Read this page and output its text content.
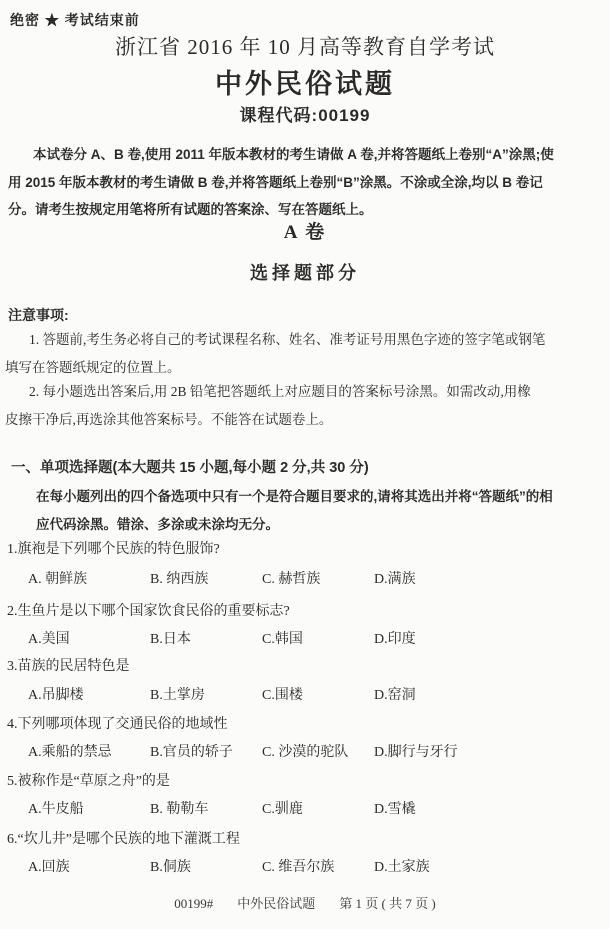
绝密 ★ 考试结束前
浙江省 2016 年 10 月高等教育自学考试
中外民俗试题
课程代码:00199
本试卷分 A、B 卷,使用 2011 年版本教材的考生请做 A 卷,并将答题纸上卷别“A”涂黑;使
用 2015 年版本教材的考生请做 B 卷,并将答题纸上卷别“B”涂黑。不涂或全涂,均以 B 卷记
分。请考生按规定用笔将所有试题的答案涂、写在答题纸上。
A 卷
选择题部分
注意事项:
1. 答题前,考生务必将自己的考试课程名称、姓名、准考证号用黑色字迹的签字笔或钢笔
填写在答题纸规定的位置上。
2. 每小题选出答案后,用 2B 铅笔把答题纸上对应题目的答案标号涂黑。如需改动,用橡
皮擦干净后,再选涂其他答案标号。不能答在试题卷上。
一、单项选择题(本大题共 15 小题,每小题 2 分,共 30 分)
在每小题列出的四个备选项中只有一个是符合题目要求的,请将其选出并将“答题纸”的相
应代码涂黑。错涂、多涂或未涂均无分。
1.旗袍是下列哪个民族的特色服饰?
A. 朝鲜族	B. 纳西族	C. 赫哲族	D.满族
2.生鱼片是以下哪个国家饮食民俗的重要标志?
A.美国	B.日本	C.韩国	D.印度
3.苗族的民居特色是
A.吊脚楼	B.土掌房	C.围楼	D.窑洞
4.下列哪项体现了交通民俗的地域性
A.乘船的禁忌	B.官员的轿子	C. 沙漠的驼队	D.脚行与牙行
5.被称作是“草原之舟”的是
A.牛皮船	B. 勒勒车	C.驯鹿	D.雪橇
6.“坎儿井”是哪个民族的地下灌溉工程
A.回族	B.侗族	C. 维吾尔族	D.土家族
00199# 中外民俗试题 第 1 页 ( 共 7 页 )
